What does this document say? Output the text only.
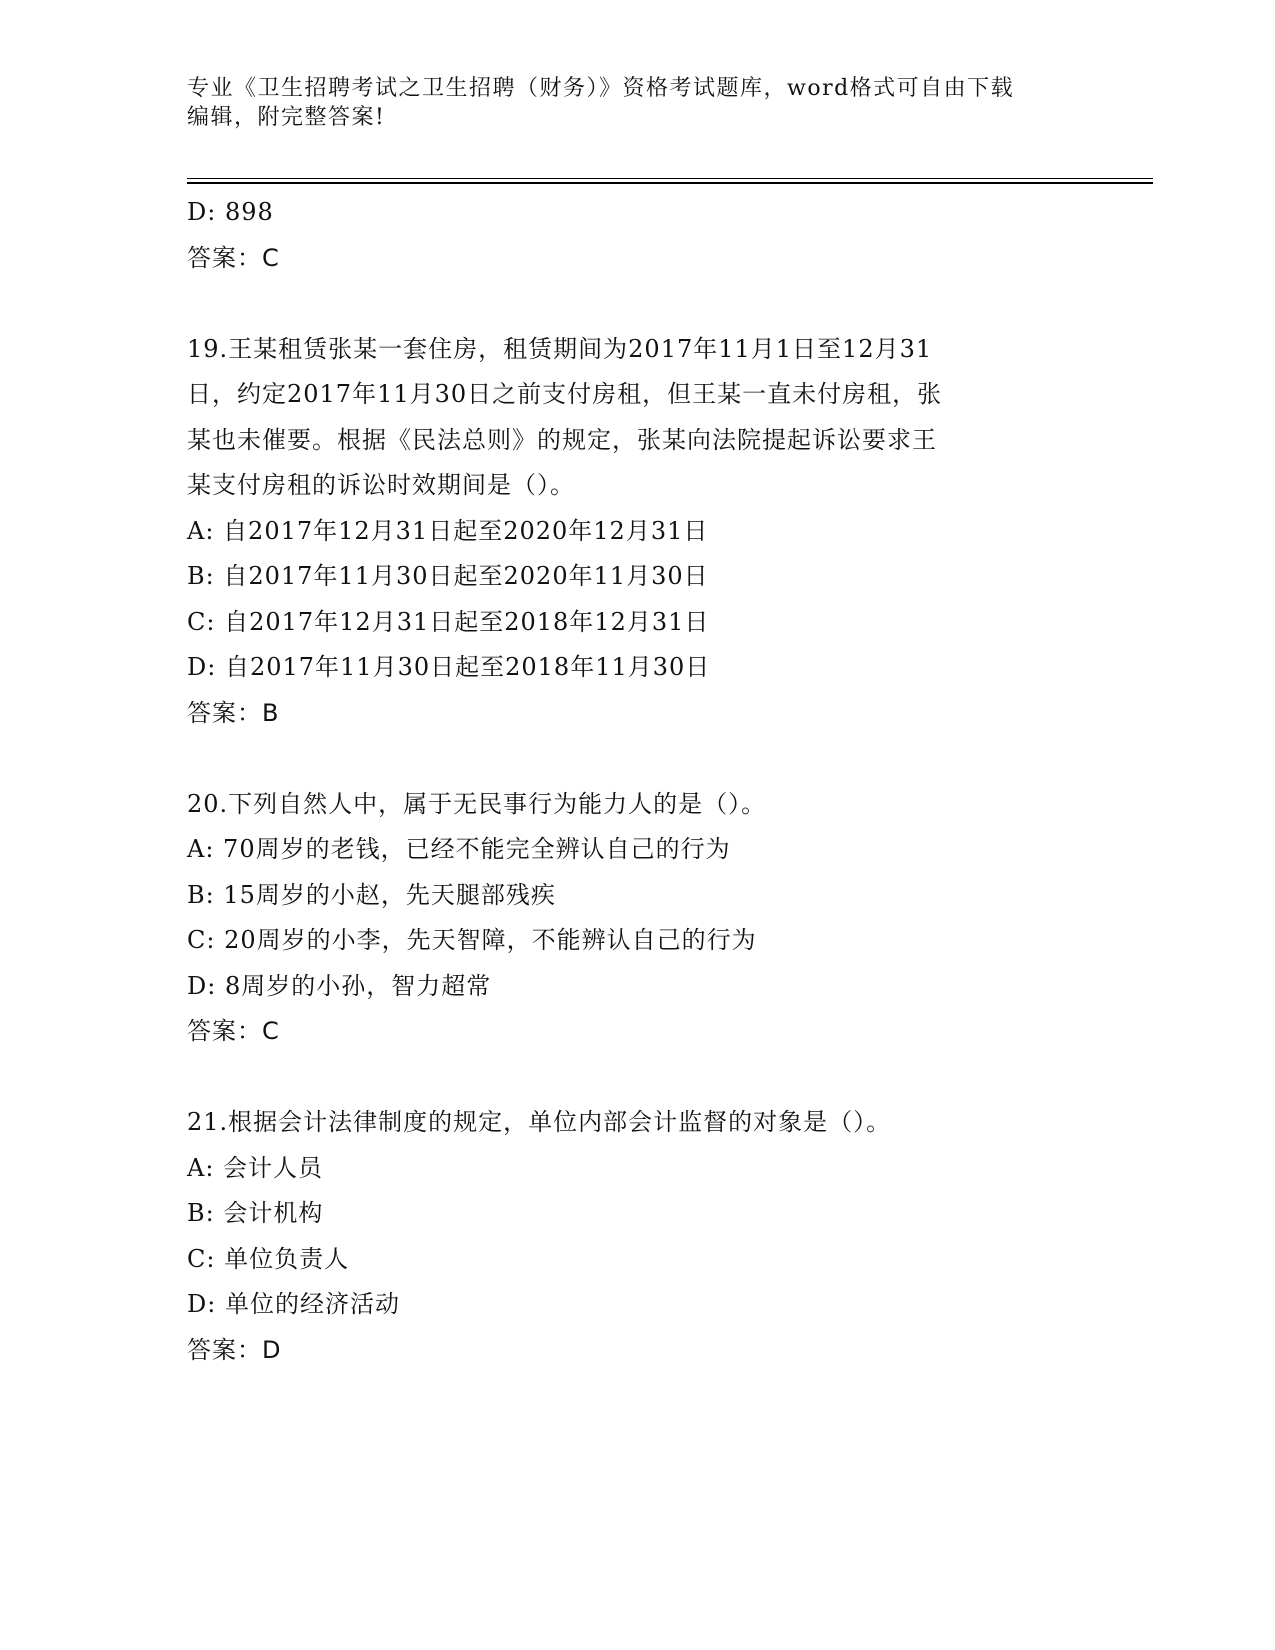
专业《卫生招聘考试之卫生招聘（财务）》资格考试题库，word格式可自由下载
编辑，附完整答案!
D: 898
答案：C
19.王某租赁张某一套住房，租赁期间为2017年11月1日至12月31
日，约定2017年11月30日之前支付房租，但王某一直未付房租，张
某也未催要。根据《民法总则》的规定，张某向法院提起诉讼要求王
某支付房租的诉讼时效期间是（）。
A: 自2017年12月31日起至2020年12月31日
B: 自2017年11月30日起至2020年11月30日
C: 自2017年12月31日起至2018年12月31日
D: 自2017年11月30日起至2018年11月30日
答案：B
20.下列自然人中，属于无民事行为能力人的是（）。
A: 70周岁的老钱，已经不能完全辨认自己的行为
B: 15周岁的小赵，先天腿部残疾
C: 20周岁的小李，先天智障，不能辨认自己的行为
D: 8周岁的小孙，智力超常
答案：C
21.根据会计法律制度的规定，单位内部会计监督的对象是（）。
A: 会计人员
B: 会计机构
C: 单位负责人
D: 单位的经济活动
答案：D
